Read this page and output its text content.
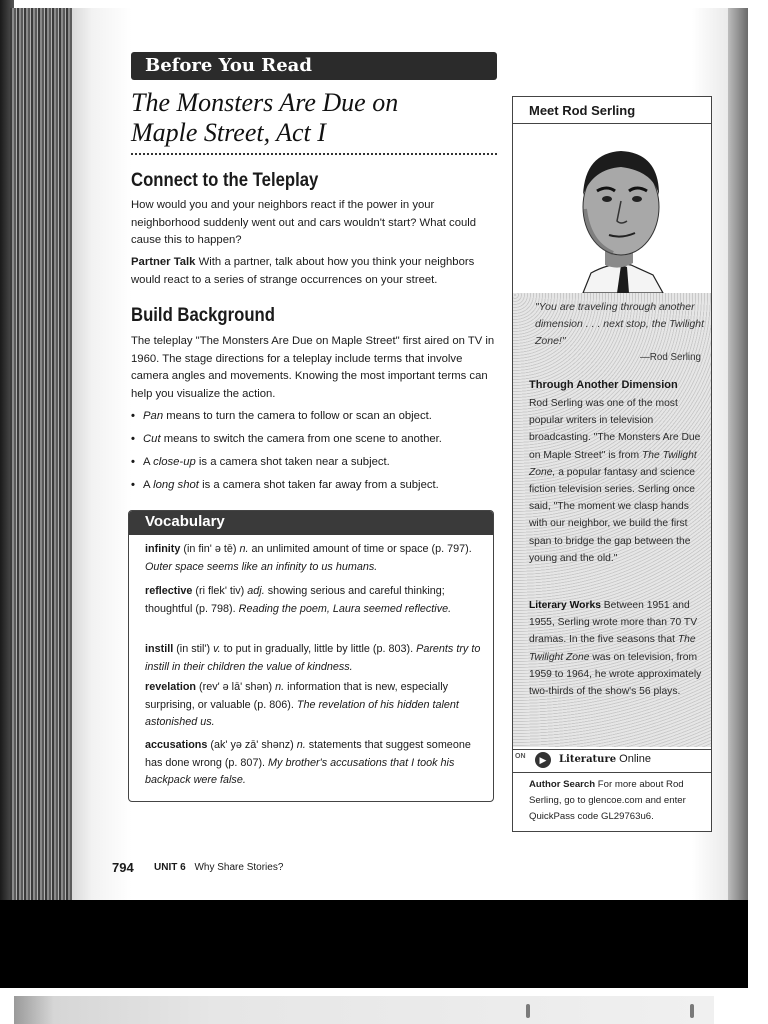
Before You Read
The Monsters Are Due on
Maple Street, Act I
Connect to the Teleplay

How would you and your neighbors react if the power in your neighborhood suddenly went out and cars wouldn't start? What could cause this to happen?

Partner Talk With a partner, talk about how you think your neighbors would react to a series of strange occurrences on your street.

Build Background

The teleplay "The Monsters Are Due on Maple Street" first aired on TV in 1960. The stage directions for a teleplay include terms that involve camera angles and movements. Knowing the most important terms can help you visualize the action.

• Pan means to turn the camera to follow or scan an object.
• Cut means to switch the camera from one scene to another.
• A close-up is a camera shot taken near a subject.
• A long shot is a camera shot taken far away from a subject.
Vocabulary

infinity (in fin' ə tē) n. an unlimited amount of time or space (p. 797). Outer space seems like an infinity to us humans.

reflective (ri flek' tiv) adj. showing serious and careful thinking; thoughtful (p. 798). Reading the poem, Laura seemed reflective.

instill (in stil') v. to put in gradually, little by little (p. 803). Parents try to instill in their children the value of kindness.

revelation (rev' ə lā' shən) n. information that is new, especially surprising, or valuable (p. 806). The revelation of his hidden talent astonished us.

accusations (ak' yə zā' shənz) n. statements that suggest someone has done wrong (p. 807). My brother's accusations that I took his backpack were false.

794 UNIT 6 Why Share Stories?
Meet Rod Serling

"You are traveling through another dimension . . . next stop, the Twilight Zone!"

—Rod Serling

Through Another Dimension

Rod Serling was one of the most popular writers in television broadcasting. "The Monsters Are Due on Maple Street" is from The Twilight Zone, a popular fantasy and science fiction television series. Serling once said, "The moment we clasp hands with our neighbor, we build the first span to bridge the gap between the young and the old."

Literary Works Between 1951 and 1955, Serling wrote more than 70 TV dramas. In the five seasons that The Twilight Zone was on television, from 1959 to 1964, he wrote approximately two-thirds of the show's 56 plays.

ON	▶	Literature Online

Author Search For more about Rod Serling, go to glencoe.com and enter QuickPass code GL29763u6.
